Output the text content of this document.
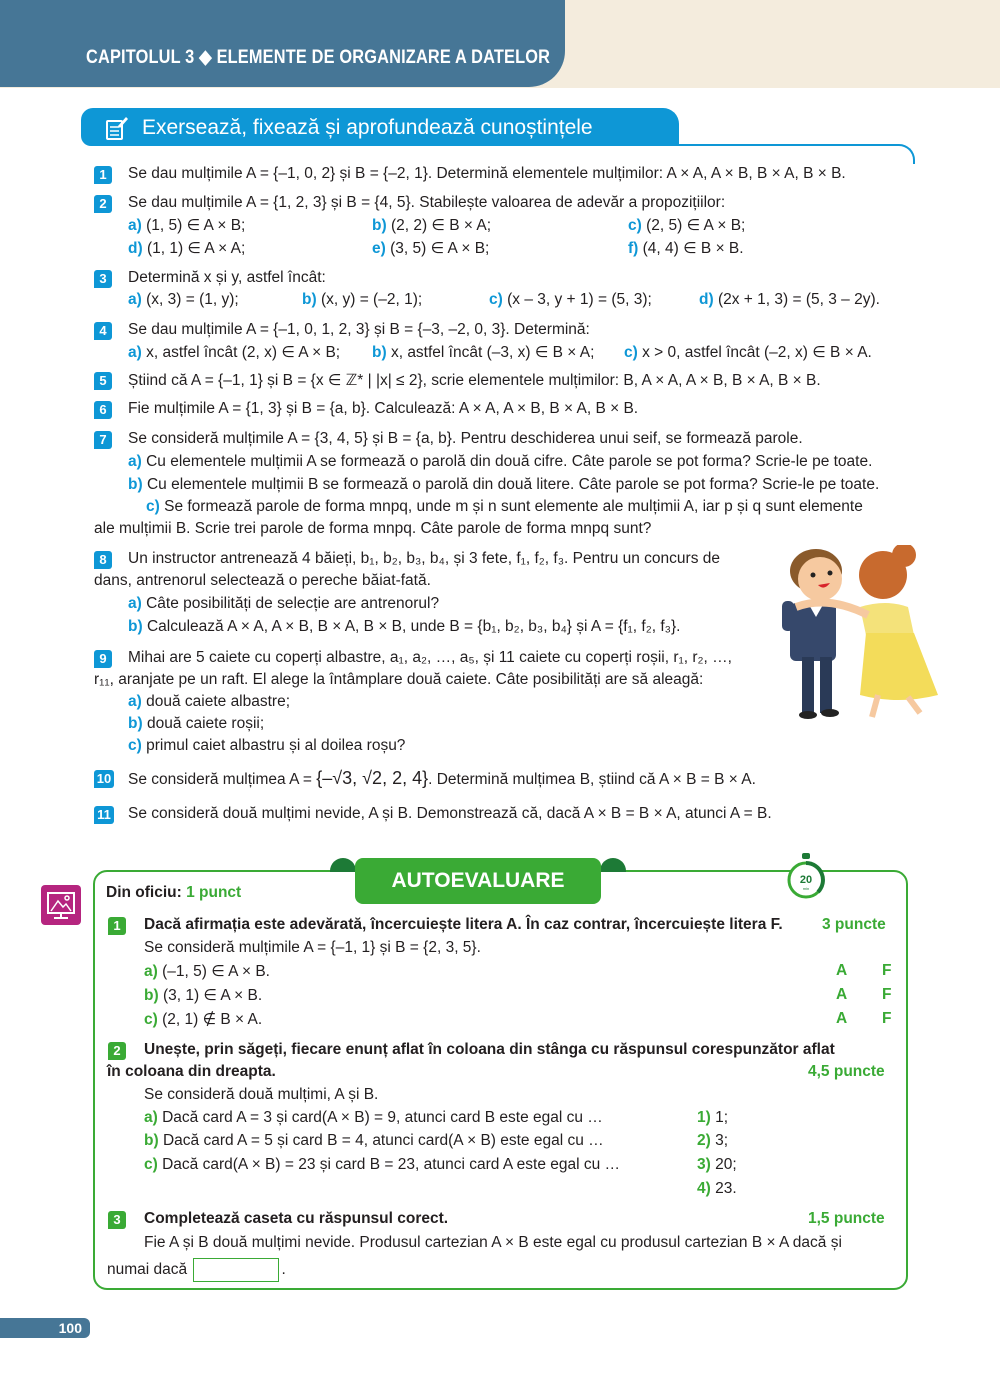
CAPITOLUL 3 ◆ ELEMENTE DE ORGANIZARE A DATELOR
Exersează, fixează și aprofundează cunoștințele
1	Se dau mulțimile A = {–1, 0, 2} și B = {–2, 1}. Determină elementele mulțimilor: A × A, A × B, B × A, B × B.
2	Se dau mulțimile A = {1, 2, 3} și B = {4, 5}. Stabilește valoarea de adevăr a propozițiilor:
a) (1, 5) ∈ A × B;	b) (2, 2) ∈ B × A;	c) (2, 5) ∈ A × B;
d) (1, 1) ∈ A × A;	e) (3, 5) ∈ A × B;	f) (4, 4) ∈ B × B.
3	Determină x și y, astfel încât:
a) (x, 3) = (1, y);	b) (x, y) = (–2, 1);	c) (x – 3, y + 1) = (5, 3);	d) (2x + 1, 3) = (5, 3 – 2y).
4	Se dau mulțimile A = {–1, 0, 1, 2, 3} și B = {–3, –2, 0, 3}. Determină:
a) x, astfel încât (2, x) ∈ A × B; b) x, astfel încât (–3, x) ∈ B × A; c) x > 0, astfel încât (–2, x) ∈ B × A.
5	Știind că A = {–1, 1} și B = {x ∈ ℤ* | |x| ≤ 2}, scrie elementele mulțimilor: B, A × A, A × B, B × A, B × B.
6	Fie mulțimile A = {1, 3} și B = {a, b}. Calculează: A × A, A × B, B × A, B × B.
7	Se consideră mulțimile A = {3, 4, 5} și B = {a, b}. Pentru deschiderea unui seif, se formează parole.
a) Cu elementele mulțimii A se formează o parolă din două cifre. Câte parole se pot forma? Scrie-le pe toate.
b) Cu elementele mulțimii B se formează o parolă din două litere. Câte parole se pot forma? Scrie-le pe toate.
c) Se formează parole de forma mnpq, unde m și n sunt elemente ale mulțimii A, iar p și q sunt elemente
ale mulțimii B. Scrie trei parole de forma mnpq. Câte parole de forma mnpq sunt?
8	Un instructor antrenează 4 băieți, b₁, b₂, b₃, b₄, și 3 fete, f₁, f₂, f₃. Pentru un concurs de
dans, antrenorul selectează o pereche băiat-fată.
a) Câte posibilități de selecție are antrenorul?
b) Calculează A × A, A × B, B × A, B × B, unde B = {b₁, b₂, b₃, b₄} și A = {f₁, f₂, f₃}.
9	Mihai are 5 caiete cu coperți albastre, a₁, a₂, …, a₅, și 11 caiete cu coperți roșii, r₁, r₂, …,
r₁₁, aranjate pe un raft. El alege la întâmplare două caiete. Câte posibilități are să aleagă:
a) două caiete albastre;
b) două caiete roșii;
c) primul caiet albastru și al doilea roșu?
10 Se consideră mulțimea A = {–√3, √2, 2, 4}. Determină mulțimea B, știind că A × B = B × A.
11 Se consideră două mulțimi nevide, A și B. Demonstrează că, dacă A × B = B × A, atunci A = B.
AUTOEVALUARE	20
min
Din oficiu: 1 punct
1	Dacă afirmația este adevărată, încercuiește litera A. În caz contrar, încercuiește litera F.	3 puncte
Se consideră mulțimile A = {–1, 1} și B = {2, 3, 5}.
a) (–1, 5) ∈ A × B.	A F
b) (3, 1) ∈ A × B.	A F
c) (2, 1) ∉ B × A.	A F
2	Unește, prin săgeți, fiecare enunț aflat în coloana din stânga cu răspunsul corespunzător aflat
în coloana din dreapta.	4,5 puncte
Se consideră două mulțimi, A și B.
a) Dacă card A = 3 și card(A × B) = 9, atunci card B este egal cu …
b) Dacă card A = 5 și card B = 4, atunci card(A × B) este egal cu …
c) Dacă card(A × B) = 23 și card B = 23, atunci card A este egal cu …
1) 1;
2) 3;
3) 20;
4) 23.
3	Completează caseta cu răspunsul corect.	1,5 puncte
Fie A și B două mulțimi nevide. Produsul cartezian A × B este egal cu produsul cartezian B × A dacă și
numai dacă	.
100
